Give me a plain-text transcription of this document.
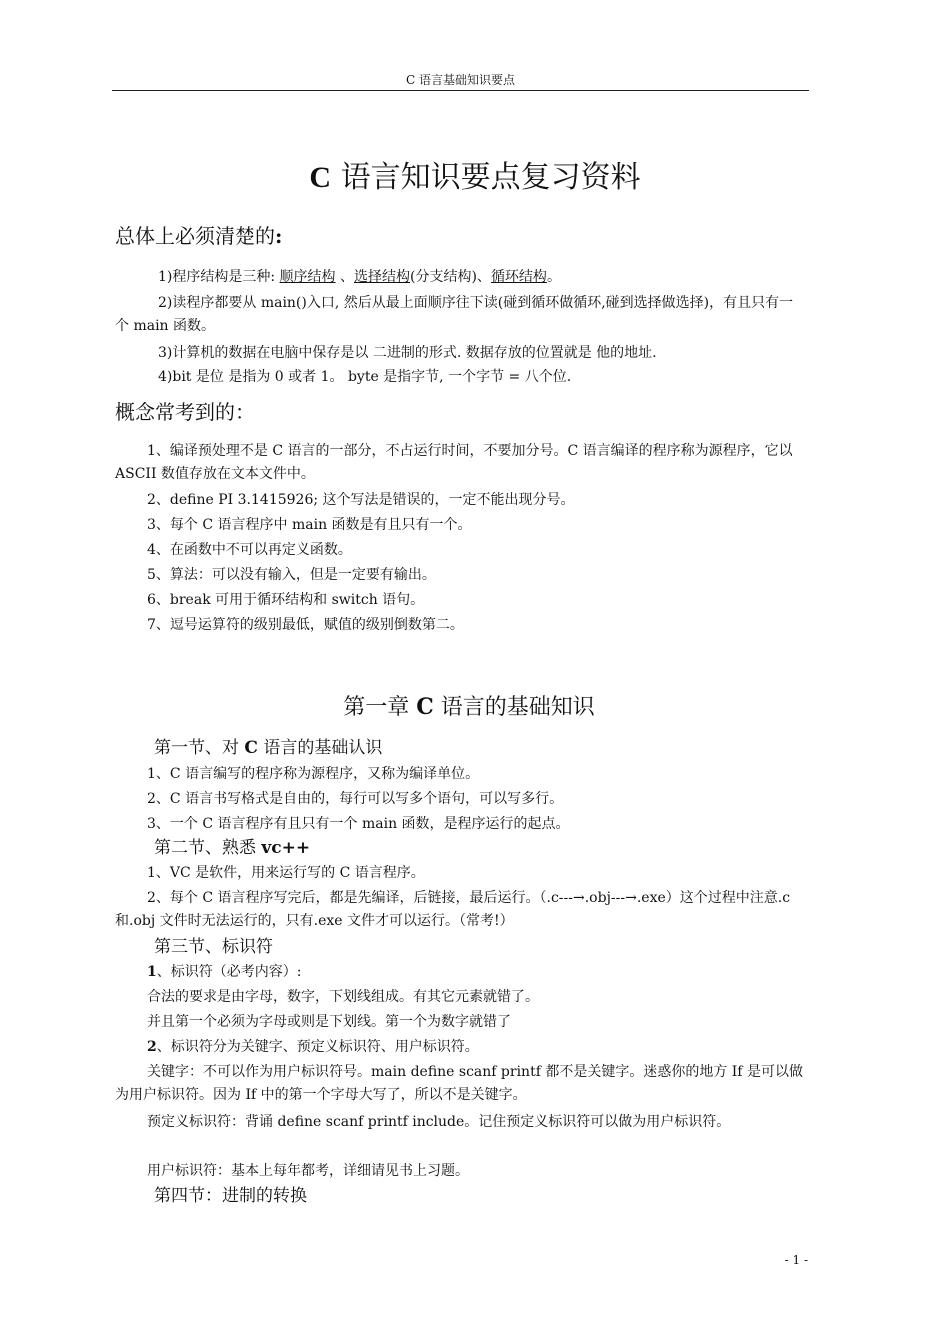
C 语言基础知识要点
C 语言知识要点复习资料
总体上必须清楚的:
1)程序结构是三种: 顺序结构 、选择结构(分支结构)、循环结构。
2)读程序都要从 main()入口, 然后从最上面顺序往下读(碰到循环做循环,碰到选择做选择)，有且只有一个 main 函数。
3)计算机的数据在电脑中保存是以 二进制的形式. 数据存放的位置就是 他的地址.
4)bit 是位 是指为 0 或者 1。 byte 是指字节, 一个字节 = 八个位.
概念常考到的：
1、编译预处理不是 C 语言的一部分，不占运行时间，不要加分号。C 语言编译的程序称为源程序，它以 ASCII 数值存放在文本文件中。
2、define PI 3.1415926; 这个写法是错误的，一定不能出现分号。
3、每个 C 语言程序中 main 函数是有且只有一个。
4、在函数中不可以再定义函数。
5、算法：可以没有输入，但是一定要有输出。
6、break 可用于循环结构和 switch 语句。
7、逗号运算符的级别最低，赋值的级别倒数第二。
第一章 C 语言的基础知识
第一节、对 C 语言的基础认识
1、C 语言编写的程序称为源程序，又称为编译单位。
2、C 语言书写格式是自由的，每行可以写多个语句，可以写多行。
3、一个 C 语言程序有且只有一个 main 函数，是程序运行的起点。
第二节、熟悉 vc++
1、VC 是软件，用来运行写的 C 语言程序。
2、每个 C 语言程序写完后，都是先编译，后链接，最后运行。（.c---→.obj---→.exe）这个过程中注意.c 和.obj 文件时无法运行的，只有.exe 文件才可以运行。（常考!）
第三节、标识符
1、标识符（必考内容）:
合法的要求是由字母，数字，下划线组成。有其它元素就错了。
并且第一个必须为字母或则是下划线。第一个为数字就错了
2、标识符分为关键字、预定义标识符、用户标识符。
关键字：不可以作为用户标识符号。main define scanf printf 都不是关键字。迷惑你的地方 If 是可以做为用户标识符。因为 If 中的第一个字母大写了，所以不是关键字。
预定义标识符：背诵 define scanf printf include。记住预定义标识符可以做为用户标识符。
用户标识符：基本上每年都考，详细请见书上习题。
第四节：进制的转换
- 1 -
